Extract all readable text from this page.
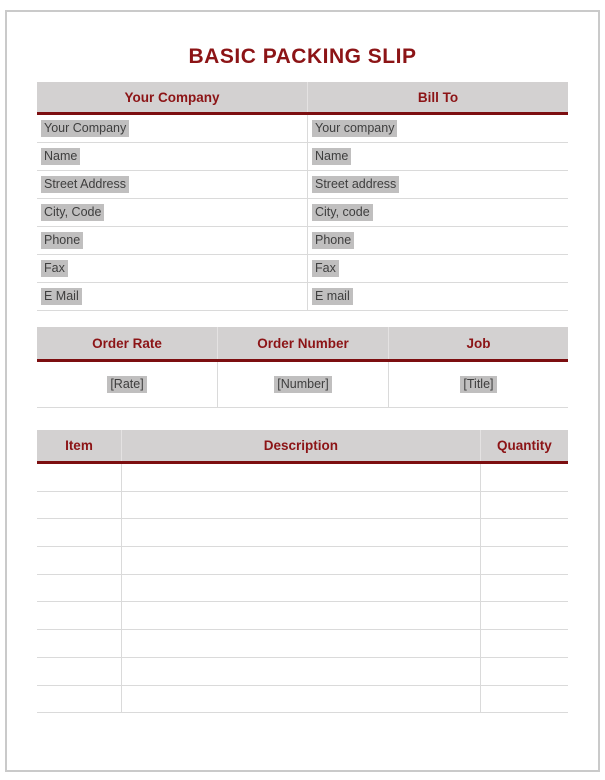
BASIC PACKING SLIP
Your Company	Bill To
Your Company	Your company
Name	Name
Street Address	Street address
City, Code	City, code
Phone	Phone
Fax	Fax
E Mail	E mail
Order Rate	Order Number	Job
[Rate]	[Number]	[Title]
Item	Description	Quantity
